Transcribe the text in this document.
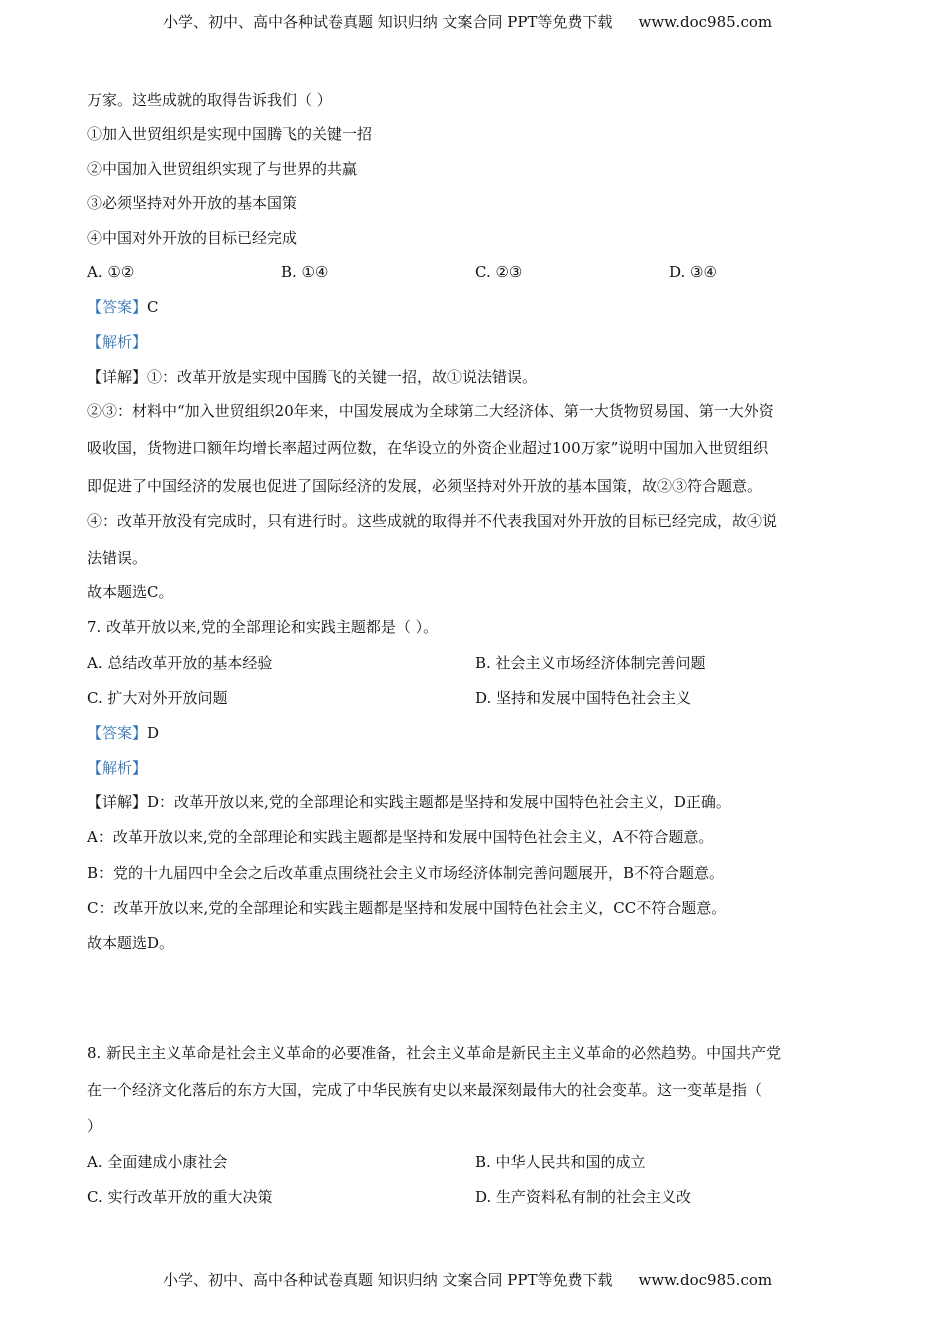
小学、初中、高中各种试卷真题 知识归纳 文案合同 PPT等免费下载 www.doc985.com
万家。这些成就的取得告诉我们（ ）
①加入世贸组织是实现中国腾飞的关键一招
②中国加入世贸组织实现了与世界的共赢
③必须坚持对外开放的基本国策
④中国对外开放的目标已经完成
A. ①②	B. ①④	C. ②③	D. ③④
【答案】C
【解析】
【详解】①：改革开放是实现中国腾飞的关键一招，故①说法错误。
②③：材料中“加入世贸组织20年来，中国发展成为全球第二大经济体、第一大货物贸易国、第一大外资
吸收国，货物进口额年均增长率超过两位数，在华设立的外资企业超过100万家”说明中国加入世贸组织
即促进了中国经济的发展也促进了国际经济的发展，必须坚持对外开放的基本国策，故②③符合题意。
④：改革开放没有完成时，只有进行时。这些成就的取得并不代表我国对外开放的目标已经完成，故④说
法错误。
故本题选C。
7. 改革开放以来,党的全部理论和实践主题都是（ ）。
A. 总结改革开放的基本经验	B. 社会主义市场经济体制完善问题
C. 扩大对外开放问题	D. 坚持和发展中国特色社会主义
【答案】D
【解析】
【详解】D：改革开放以来,党的全部理论和实践主题都是坚持和发展中国特色社会主义，D正确。
A：改革开放以来,党的全部理论和实践主题都是坚持和发展中国特色社会主义，A不符合题意。
B：党的十九届四中全会之后改革重点围绕社会主义市场经济体制完善问题展开，B不符合题意。
C：改革开放以来,党的全部理论和实践主题都是坚持和发展中国特色社会主义，CC不符合题意。
故本题选D。
8. 新民主主义革命是社会主义革命的必要准备，社会主义革命是新民主主义革命的必然趋势。中国共产党
在一个经济文化落后的东方大国，完成了中华民族有史以来最深刻最伟大的社会变革。这一变革是指（
）
A. 全面建成小康社会	B. 中华人民共和国的成立
C. 实行改革开放的重大决策	D. 生产资料私有制的社会主义改
小学、初中、高中各种试卷真题 知识归纳 文案合同 PPT等免费下载 www.doc985.com
